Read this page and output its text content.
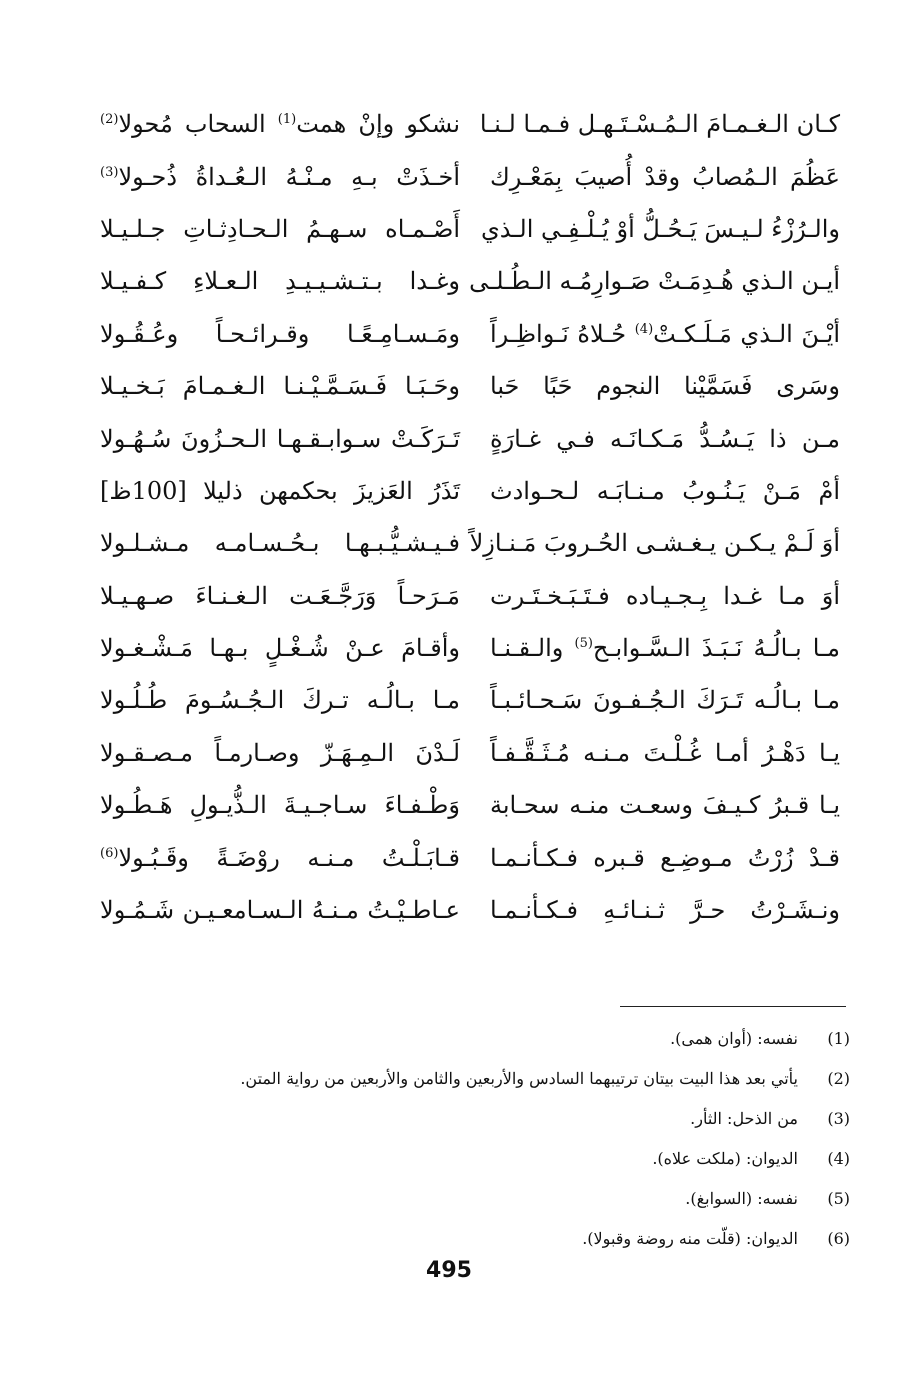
كـان الـغـمـامَ الـمُـسْـتَـهـل فـمـا لـنـا
نشكو وإنْ همت$^{(1)}$ السحاب مُحولا$^{(2)}$
عَظُمَ الـمُصابُ وقدْ أُصيبَ بِمَعْـرِك
أخـذَتْ بـهِ مـنْـهُ الـعُـداةُ ذُحـولا$^{(3)}$
والـرُزْءُ لـيـسَ يَـحُـلُّ أوْ يُـلْـفِـي الـذي
أَصْـمـاه سـهـمُ الـحـادِثـاتِ جـلـيـلا
أيـن الـذي هُـدِمَـتْ صَـوارِمُـه الـطُـلـى
وغـدا بـتـشـيـيـدِ الـعـلاءِ كـفـيـلا
أيْـنَ الـذي مَـلَـكـتْ$^{(4)}$ حُـلاهُ نَـواظِـراً
ومَـسـامِـعًـا وقـرائـحـاً وعُـقُـولا
وسَرى فَسَمَّيْنا النجوم حَبًا حَبا
وحَـبَـا فَـسَـمَّـيْـنـا الـغـمـامَ بَـخـيـلا
مـن ذا يَـسُـدُّ مَـكـانَـه فـي غـارَةٍ
تَـرَكَـتْ سـوابـقـهـا الـحـزُونَ سُـهُـولا
أمْ مَـنْ يَـنُـوبُ مـنـابَـه لـحـوادث
تَذَرُ العَزيزَ بحكمهن ذليلا [100ظ]
أوَ لَـمْ يـكـن يـغـشـى الحُـروبَ مَـنـازِلاً
فـيـشـيُّـبـهـا بـحُـسـامـه مـشـلـولا
أوَ مـا غـدا بِـجـيـاده فـتَـبَـخـتَـرت
مَـرَحـاً وَرَجَّـعَـت الـغـنـاءَ صـهـيـلا
مـا بـالُـهُ نَـبَـذَ الـسَّـوابـح$^{(5)}$ والـقـنـا
وأقـامَ عـنْ شُـغْـلٍ بـهـا مَـشْـغـولا
مـا بـالُـه تَـرَكَ الـجُـفـونَ سَـحـائـبـاً
مـا بـالُـه تـركَ الـجُـسُـومَ طُـلُـولا
يـا دَهْـرُ أمـا غُـلْـتَ مـنـه مُـثَـقَّـفـاً
لَـدْنَ الـمِـهَـزّ وصـارمـاً مـصـقـولا
يـا قـبرُ كـيـفَ وسعـت منـه سحـابة
وَطْـفـاءَ سـاجـيـةَ الـذُّيـولِ هَـطُـولا
قـدْ زُرْتُ مـوضِـع قـبره فـكـأنـمـا
قـابَـلْـتُ مـنـه روْضَـةً وقَـبُـولا$^{(6)}$
ونـشَـرْتُ حـرَّ ثـنـائـهِ فـكـأنـمـا
عـاطـيْـتُ مـنـهُ الـسـامعـيـن شَـمُـولا
(1)
نفسه: (أوان همى).
(2)
يأتي بعد هذا البيت بيتان ترتيبهما السادس والأربعين والثامن والأربعين من رواية المتن.
(3)
من الذحل: الثأر.
(4)
الديوان: (ملكت علاه).
(5)
نفسه: (السوابغ).
(6)
الديوان: (قلّت منه روضة وقبولا).
495
